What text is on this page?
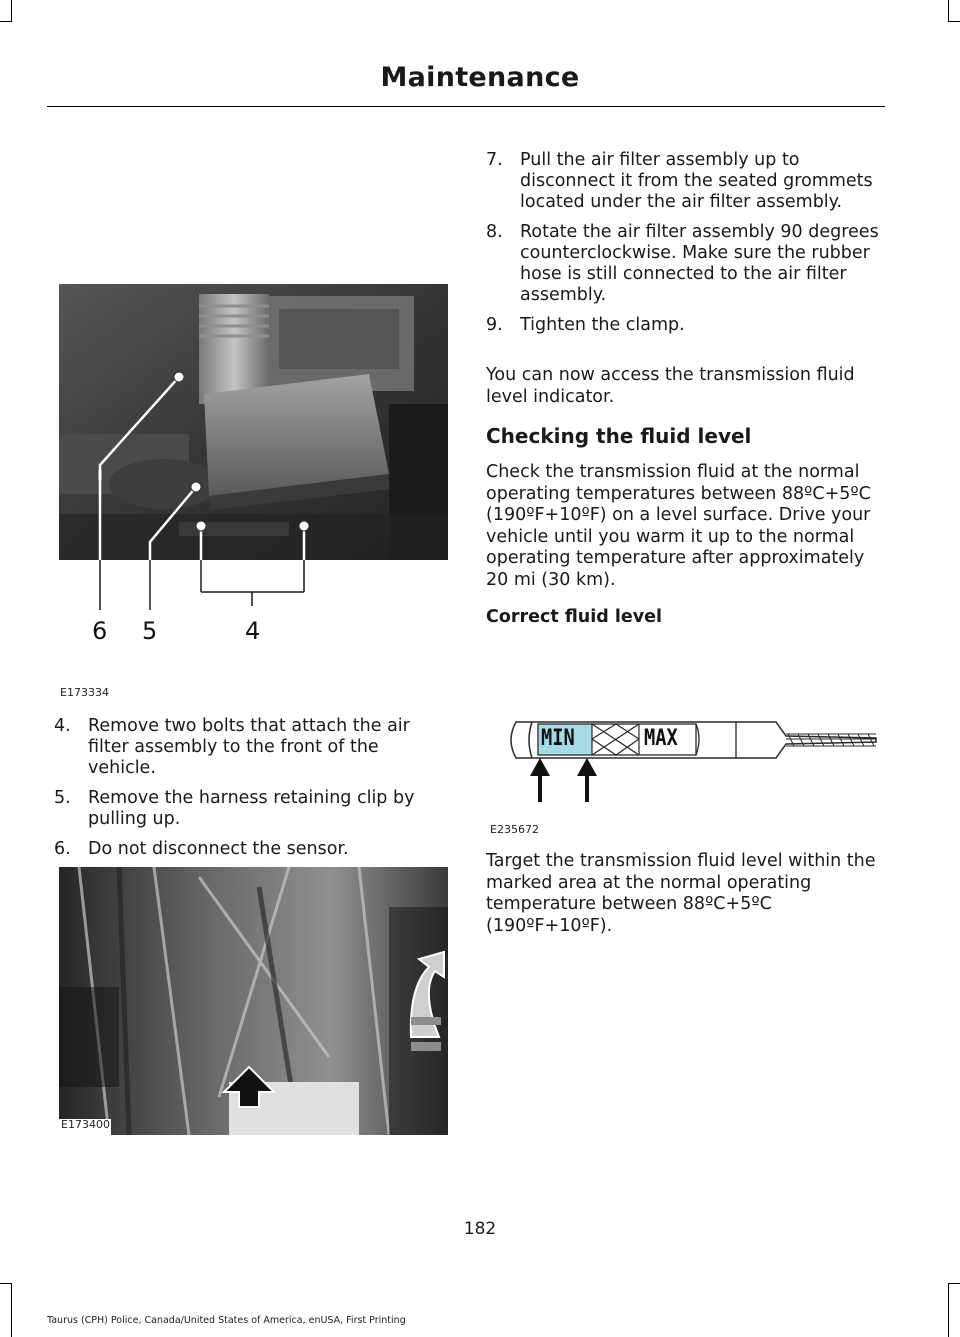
Maintenance
6 5	4
E173334
4. Remove two bolts that attach the air filter assembly to the front of the vehicle.
5. Remove the harness retaining clip by pulling up.
6. Do not disconnect the sensor.
E173400
7. Pull the air filter assembly up to disconnect it from the seated grommets located under the air filter assembly.
8. Rotate the air filter assembly 90 degrees counterclockwise. Make sure the rubber hose is still connected to the air filter assembly.
9. Tighten the clamp.

You can now access the transmission fluid level indicator.

Checking the fluid level

Check the transmission fluid at the normal operating temperatures between 88ºC+5ºC (190ºF+10ºF) on a level surface. Drive your vehicle until you warm it up to the normal operating temperature after approximately 20 mi (30 km).

Correct fluid level
MIN	MAX
E235672

Target the transmission fluid level within the marked area at the normal operating temperature between 88ºC+5ºC (190ºF+10ºF).

182
Taurus (CPH) Police, Canada/United States of America, enUSA, First Printing
